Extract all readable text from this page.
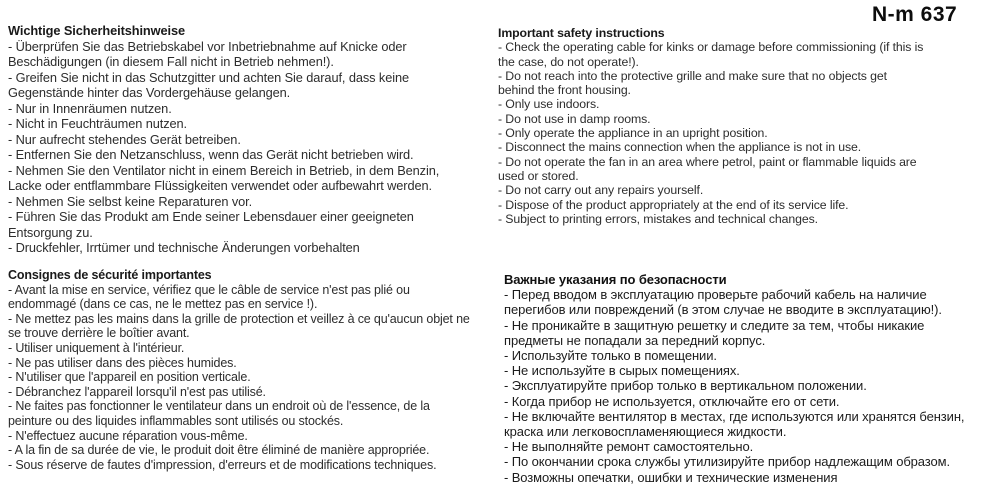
N-m 637
Wichtige Sicherheitshinweise
- Überprüfen Sie das Betriebskabel vor Inbetriebnahme auf Knicke oder
Beschädigungen (in diesem Fall nicht in Betrieb nehmen!).
- Greifen Sie nicht in das Schutzgitter und achten Sie darauf, dass keine
Gegenstände hinter das Vordergehäuse gelangen.
- Nur in Innenräumen nutzen.
- Nicht in Feuchträumen nutzen.
- Nur aufrecht stehendes Gerät betreiben.
- Entfernen Sie den Netzanschluss, wenn das Gerät nicht betrieben wird.
- Nehmen Sie den Ventilator nicht in einem Bereich in Betrieb, in dem Benzin,
Lacke oder entflammbare Flüssigkeiten verwendet oder aufbewahrt werden.
- Nehmen Sie selbst keine Reparaturen vor.
- Führen Sie das Produkt am Ende seiner Lebensdauer einer geeigneten
Entsorgung zu.
- Druckfehler, Irrtümer und technische Änderungen vorbehalten
Important safety instructions
- Check the operating cable for kinks or damage before commissioning (if this is
the case, do not operate!).
- Do not reach into the protective grille and make sure that no objects get
behind the front housing.
- Only use indoors.
- Do not use in damp rooms.
- Only operate the appliance in an upright position.
- Disconnect the mains connection when the appliance is not in use.
- Do not operate the fan in an area where petrol, paint or flammable liquids are
used or stored.
- Do not carry out any repairs yourself.
- Dispose of the product appropriately at the end of its service life.
- Subject to printing errors, mistakes and technical changes.
Consignes de sécurité importantes
- Avant la mise en service, vérifiez que le câble de service n'est pas plié ou
endommagé (dans ce cas, ne le mettez pas en service !).
- Ne mettez pas les mains dans la grille de protection et veillez à ce qu'aucun objet ne
se trouve derrière le boîtier avant.
- Utiliser uniquement à l'intérieur.
- Ne pas utiliser dans des pièces humides.
- N'utiliser que l'appareil en position verticale.
- Débranchez l'appareil lorsqu'il n'est pas utilisé.
- Ne faites pas fonctionner le ventilateur dans un endroit où de l'essence, de la
peinture ou des liquides inflammables sont utilisés ou stockés.
- N'effectuez aucune réparation vous-même.
- A la fin de sa durée de vie, le produit doit être éliminé de manière appropriée.
- Sous réserve de fautes d'impression, d'erreurs et de modifications techniques.
Важные указания по безопасности
- Перед вводом в эксплуатацию проверьте рабочий кабель на наличие
перегибов или повреждений (в этом случае не вводите в эксплуатацию!).
- Не проникайте в защитную решетку и следите за тем, чтобы никакие
предметы не попадали за передний корпус.
- Используйте только в помещении.
- Не используйте в сырых помещениях.
- Эксплуатируйте прибор только в вертикальном положении.
- Когда прибор не используется, отключайте его от сети.
- Не включайте вентилятор в местах, где используются или хранятся бензин,
краска или легковоспламеняющиеся жидкости.
- Не выполняйте ремонт самостоятельно.
- По окончании срока службы утилизируйте прибор надлежащим образом.
- Возможны опечатки, ошибки и технические изменения
